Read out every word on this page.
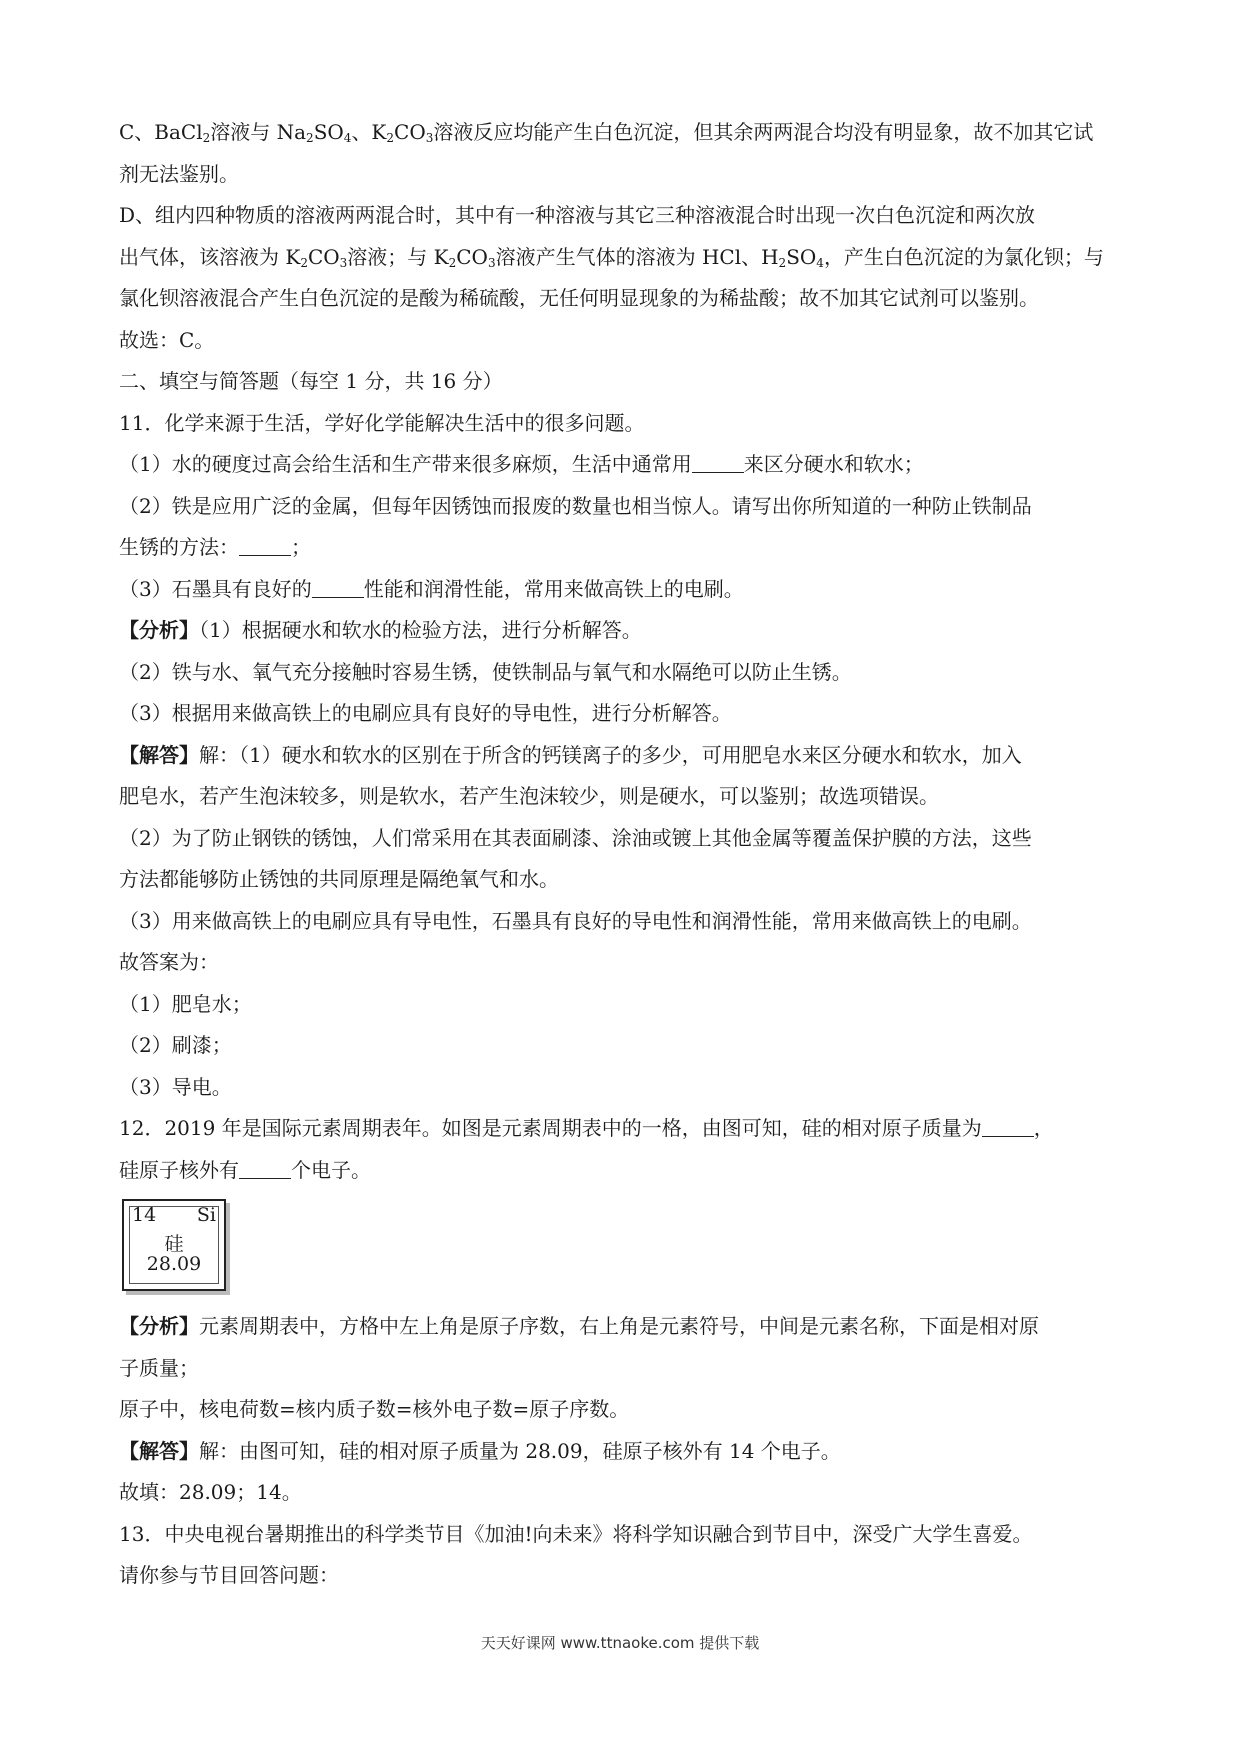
C、BaCl$_2$溶液与 $Na_2SO_4$、$K_2CO_3$溶液反应均能产生白色沉淀，但其余两两混合均没有明显象，故不加其它试
剂无法鉴别。
D、组内四种物质的溶液两两混合时，其中有一种溶液与其它三种溶液混合时出现一次白色沉淀和两次放
出气体，该溶液为 $K_2CO_3$溶液；与 $K_2CO_3$溶液产生气体的溶液为 HCl、$H_2SO_4$，产生白色沉淀的为氯化钡；与
氯化钡溶液混合产生白色沉淀的是酸为稀硫酸，无任何明显现象的为稀盐酸；故不加其它试剂可以鉴别。
故选：C。
二、填空与简答题（每空 1 分，共 16 分）
11．化学来源于生活，学好化学能解决生活中的很多问题。
（1）水的硬度过高会给生活和生产带来很多麻烦，生活中通常用	来区分硬水和软水；
（2）铁是应用广泛的金属，但每年因锈蚀而报废的数量也相当惊人。请写出你所知道的一种防止铁制品
生锈的方法：	；
（3）石墨具有良好的	性能和润滑性能，常用来做高铁上的电刷。
【分析】（1）根据硬水和软水的检验方法，进行分析解答。
（2）铁与水、氧气充分接触时容易生锈，使铁制品与氧气和水隔绝可以防止生锈。
（3）根据用来做高铁上的电刷应具有良好的导电性，进行分析解答。
【解答】解：（1）硬水和软水的区别在于所含的钙镁离子的多少，可用肥皂水来区分硬水和软水，加入
肥皂水，若产生泡沫较多，则是软水，若产生泡沫较少，则是硬水，可以鉴别；故选项错误。
（2）为了防止钢铁的锈蚀，人们常采用在其表面刷漆、涂油或镀上其他金属等覆盖保护膜的方法，这些
方法都能够防止锈蚀的共同原理是隔绝氧气和水。
（3）用来做高铁上的电刷应具有导电性，石墨具有良好的导电性和润滑性能，常用来做高铁上的电刷。
故答案为：
（1）肥皂水；
（2）刷漆；
（3）导电。
12．2019 年是国际元素周期表年。如图是元素周期表中的一格，由图可知，硅的相对原子质量为	，
硅原子核外有	个电子。
14 Si
硅
28.09
【分析】元素周期表中，方格中左上角是原子序数，右上角是元素符号，中间是元素名称，下面是相对原
子质量；
原子中，核电荷数=核内质子数=核外电子数=原子序数。
【解答】解：由图可知，硅的相对原子质量为 28.09，硅原子核外有 14 个电子。
故填：28.09；14。
13．中央电视台暑期推出的科学类节目《加油!向未来》将科学知识融合到节目中，深受广大学生喜爱。
请你参与节目回答问题：
天天好课网 www.ttnaoke.com 提供下载
